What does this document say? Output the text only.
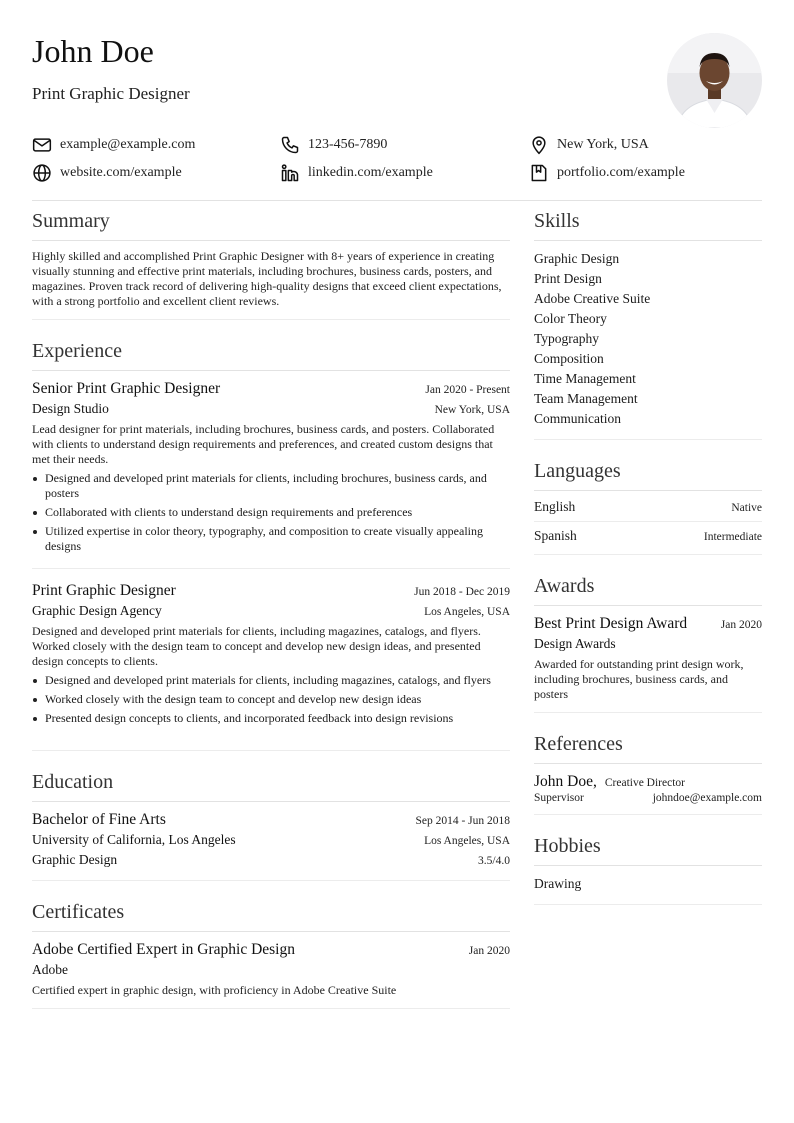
John Doe
Print Graphic Designer
example@example.com	123-456-7890	New York, USA
website.com/example	linkedin.com/example	portfolio.com/example
Summary
Highly skilled and accomplished Print Graphic Designer with 8+ years of experience in creating visually stunning and effective print materials, including brochures, business cards, posters, and magazines. Proven track record of delivering high-quality designs that exceed client expectations, with a strong portfolio and excellent client reviews.
Experience
Senior Print Graphic Designer	Jan 2020 - Present
Design Studio	New York, USA
Lead designer for print materials, including brochures, business cards, and posters. Collaborated with clients to understand design requirements and preferences, and created custom designs that met their needs.
Designed and developed print materials for clients, including brochures, business cards, and posters
Collaborated with clients to understand design requirements and preferences
Utilized expertise in color theory, typography, and composition to create visually appealing designs
Print Graphic Designer	Jun 2018 - Dec 2019
Graphic Design Agency	Los Angeles, USA
Designed and developed print materials for clients, including magazines, catalogs, and flyers. Worked closely with the design team to concept and develop new design ideas, and presented design concepts to clients.
Designed and developed print materials for clients, including magazines, catalogs, and flyers
Worked closely with the design team to concept and develop new design ideas
Presented design concepts to clients, and incorporated feedback into design revisions
Education
Bachelor of Fine Arts	Sep 2014 - Jun 2018
University of California, Los Angeles	Los Angeles, USA
Graphic Design	3.5/4.0
Certificates
Adobe Certified Expert in Graphic Design	Jan 2020
Adobe
Certified expert in graphic design, with proficiency in Adobe Creative Suite
Skills
Graphic Design
Print Design
Adobe Creative Suite
Color Theory
Typography
Composition
Time Management
Team Management
Communication
Languages
English	Native
Spanish	Intermediate
Awards
Best Print Design Award	Jan 2020
Design Awards
Awarded for outstanding print design work, including brochures, business cards, and posters
References
John Doe, Creative Director
Supervisor	johndoe@example.com
Hobbies
Drawing
